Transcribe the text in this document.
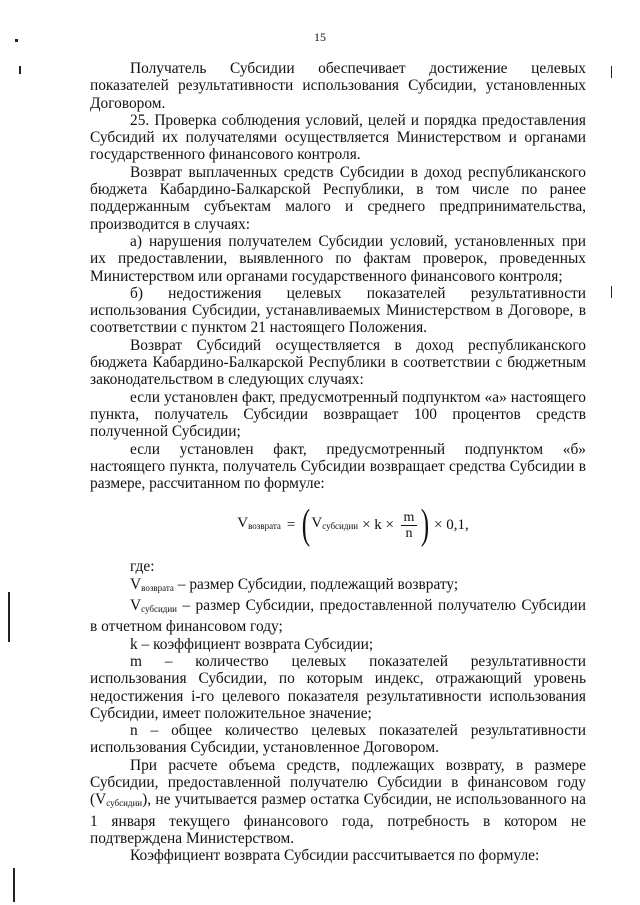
15

Получатель Субсидии обеспечивает достижение целевых показателей результативности использования Субсидии, установленных Договором.

25. Проверка соблюдения условий, целей и порядка предоставления Субсидий их получателями осуществляется Министерством и органами государственного финансового контроля.

Возврат выплаченных средств Субсидии в доход республиканского бюджета Кабардино-Балкарской Республики, в том числе по ранее поддержанным субъектам малого и среднего предпринимательства, производится в случаях:

а) нарушения получателем Субсидии условий, установленных при их предоставлении, выявленного по фактам проверок, проведенных Министерством или органами государственного финансового контроля;

б) недостижения целевых показателей результативности использования Субсидии, устанавливаемых Министерством в Договоре, в соответствии с пунктом 21 настоящего Положения.

Возврат Субсидий осуществляется в доход республиканского бюджета Кабардино-Балкарской Республики в соответствии с бюджетным законодательством в следующих случаях:

если установлен факт, предусмотренный подпунктом «а» настоящего пункта, получатель Субсидии возвращает 100 процентов средств полученной Субсидии;

если установлен факт, предусмотренный подпунктом «б» настоящего пункта, получатель Субсидии возвращает средства Субсидии в размере, рассчитанном по формуле:

$V_{возврата}$ = ( $V_{субсидии} \times k \times \frac{m}{n}$ ) × 0,1,

где:

$V_{возврата}$ – размер Субсидии, подлежащий возврату;

$V_{субсидии}$ – размер Субсидии, предоставленной получателю Субсидии в отчетном финансовом году;

k – коэффициент возврата Субсидии;

m – количество целевых показателей результативности использования Субсидии, по которым индекс, отражающий уровень недостижения i-го целевого показателя результативности использования Субсидии, имеет положительное значение;

n – общее количество целевых показателей результативности использования Субсидии, установленное Договором.

При расчете объема средств, подлежащих возврату, в размере Субсидии, предоставленной получателю Субсидии в финансовом году $(V_{субсидии})$, не учитывается размер остатка Субсидии, не использованного на 1 января текущего финансового года, потребность в котором не подтверждена Министерством.

Коэффициент возврата Субсидии рассчитывается по формуле:
